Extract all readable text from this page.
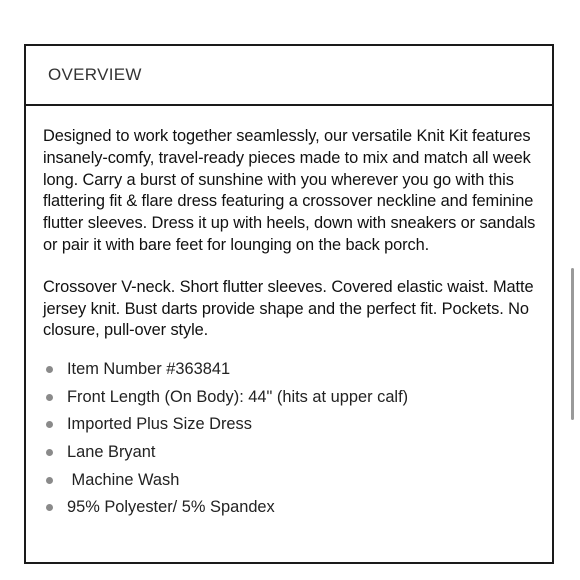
OVERVIEW

Designed to work together seamlessly, our versatile Knit Kit features insanely-comfy, travel-ready pieces made to mix and match all week long. Carry a burst of sunshine with you wherever you go with this flattering fit & flare dress featuring a crossover neckline and feminine flutter sleeves. Dress it up with heels, down with sneakers or sandals or pair it with bare feet for lounging on the back porch.

Crossover V-neck. Short flutter sleeves. Covered elastic waist. Matte jersey knit. Bust darts provide shape and the perfect fit. Pockets. No closure, pull-over style.

Item Number #363841
Front Length (On Body): 44" (hits at upper calf)
Imported Plus Size Dress
Lane Bryant
Machine Wash
95% Polyester/ 5% Spandex
